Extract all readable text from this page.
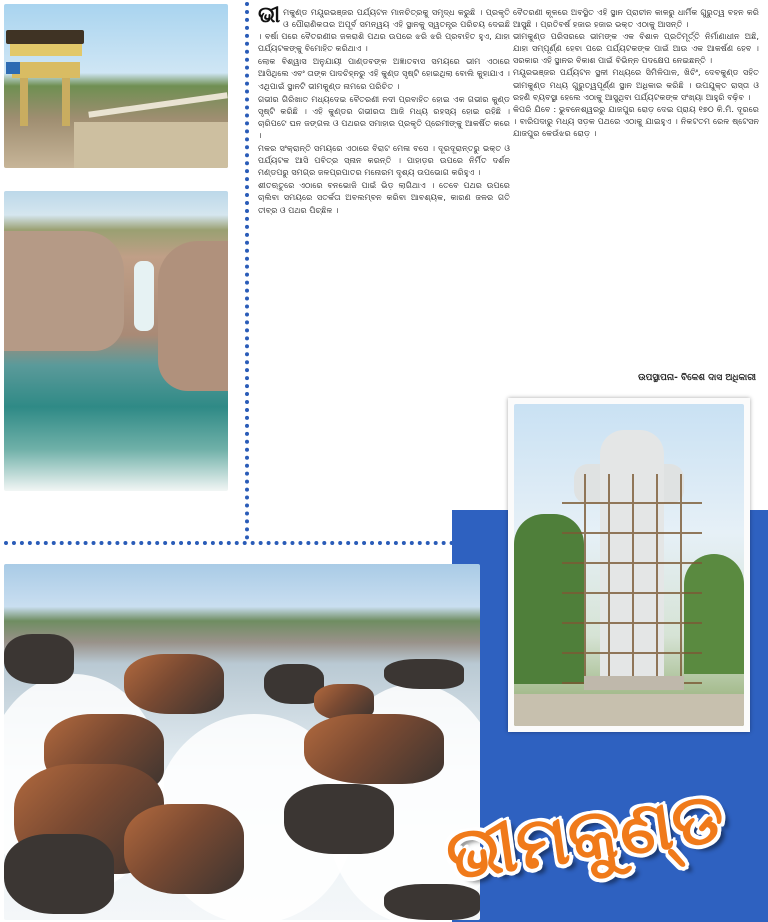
ଭୀ ମକୁଣ୍ଡ ମୟୂରଭଞ୍ଜର ପର୍ଯ୍ୟଟନ ମାନଚିତ୍ରକୁ ସମୃଦ୍ଧ କରୁଛି । ପ୍ରକୃତି ଓ ପୌରାଣିକତାର ଅପୂର୍ବ ସମନ୍ୱୟ ଏହି ସ୍ଥାନକୁ ସ୍ୱତନ୍ତ୍ର ପରିଚୟ ଦେଇଛି । ବର୍ଷା ପରେ ବୈତରଣୀର ଜଳରାଶି ପଥର ଉପରେ ଝରି ଝରି ପ୍ରବାହିତ ହୁଏ, ଯାହା ପର୍ଯ୍ୟଟକଙ୍କୁ ବିମୋହିତ କରିଥାଏ ।

ଲୋକ ବିଶ୍ୱାସ ଅନୁଯାୟୀ ପାଣ୍ଡବଙ୍କ ଅଜ୍ଞାତବାସ ସମୟରେ ଭୀମ ଏଠାରେ ଆସିଥିଲେ ଏବଂ ତାଙ୍କ ପାଦଚିହ୍ନରୁ ଏହି କୁଣ୍ଡ ସୃଷ୍ଟି ହୋଇଥିଲା ବୋଲି କୁହାଯାଏ । ଏଥିପାଇଁ ସ୍ଥାନଟି ଭୀମକୁଣ୍ଡ ନାମରେ ପରିଚିତ ।

ଗଭୀର ଗିରିଖାତ ମଧ୍ୟଦେଇ ବୈତରଣୀ ନଦୀ ପ୍ରବାହିତ ହୋଇ ଏକ ଗଭୀର କୁଣ୍ଡ ସୃଷ୍ଟି କରିଛି । ଏହି କୁଣ୍ଡର ଗଭୀରତା ଆଜି ମଧ୍ୟ ରହସ୍ୟ ହୋଇ ରହିଛି । ଚାରିପଟେ ଘନ ଜଙ୍ଗଲ ଓ ପଥରର ସମାହାର ପ୍ରକୃତି ପ୍ରେମୀଙ୍କୁ ଆକର୍ଷିତ କରେ ।

ମକର ସଂକ୍ରାନ୍ତି ସମୟରେ ଏଠାରେ ବିରାଟ ମେଳା ବସେ । ଦୂରଦୂରାନ୍ତରୁ ଭକ୍ତ ଓ ପର୍ଯ୍ୟଟକ ଆସି ପବିତ୍ର ସ୍ନାନ କରନ୍ତି । ପାହାଡ଼ର ଉପରେ ନିର୍ମିତ ଦର୍ଶନ ମଣ୍ଡପରୁ ସମଗ୍ର ଜଳପ୍ରପାତର ମନୋରମ ଦୃଶ୍ୟ ଉପଭୋଗ କରିହୁଏ ।

ଶୀତଋତୁରେ ଏଠାରେ ବନଭୋଜି ପାଇଁ ଭିଡ଼ ଲାଗିଥାଏ । ତେବେ ପଥର ଉପରେ ଚାଲିବା ସମୟରେ ସତର୍କତା ଅବଲମ୍ବନ କରିବା ଆବଶ୍ୟକ, କାରଣ ଜଳର ଗତି ତୀବ୍ର ଓ ପଥର ପିଚ୍ଛିଳ ।

ବୈତରଣୀ କୂଳରେ ଅବସ୍ଥିତ ଏହି ସ୍ଥାନ ପ୍ରାଚୀନ କାଳରୁ ଧାର୍ମିକ ଗୁରୁତ୍ୱ ବହନ କରି ଆସୁଛି । ପ୍ରତିବର୍ଷ ହଜାର ହଜାର ଭକ୍ତ ଏଠାକୁ ଆସନ୍ତି ।

ଭୀମକୁଣ୍ଡ ପରିସରରେ ଭୀମଙ୍କ ଏକ ବିଶାଳ ପ୍ରତିମୂର୍ତ୍ତି ନିର୍ମାଣାଧୀନ ଅଛି, ଯାହା ସମ୍ପୂର୍ଣ୍ଣ ହେବା ପରେ ପର୍ଯ୍ୟଟକଙ୍କ ପାଇଁ ଆଉ ଏକ ଆକର୍ଷଣ ହେବ । ସରକାର ଏହି ସ୍ଥାନର ବିକାଶ ପାଇଁ ବିଭିନ୍ନ ପଦକ୍ଷେପ ନେଇଛନ୍ତି ।

ମୟୂରଭଞ୍ଜର ପର୍ଯ୍ୟଟନ ସ୍ଥଳୀ ମଧ୍ୟରେ ସିମିଳିପାଳ, ଖିଚିଂ, ଦେବକୁଣ୍ଡ ସହିତ ଭୀମକୁଣ୍ଡ ମଧ୍ୟ ଗୁରୁତ୍ୱପୂର୍ଣ୍ଣ ସ୍ଥାନ ଅଧିକାର କରିଛି । ଉପଯୁକ୍ତ ରାସ୍ତା ଓ ରହଣି ବ୍ୟବସ୍ଥା ହେଲେ ଏଠାକୁ ଆସୁଥିବା ପର୍ଯ୍ୟଟକଙ୍କ ସଂଖ୍ୟା ଆହୁରି ବଢ଼ିବ ।

କିପରି ଯିବେ : ଭୁବନେଶ୍ୱରରୁ ଯାଜପୁର ରୋଡ଼ ଦେଇ ପ୍ରାୟ ୧୭୦ କି.ମି. ଦୂରରେ । ବାରିପଦାରୁ ମଧ୍ୟ ସଡ଼କ ପଥରେ ଏଠାକୁ ଯାଇହୁଏ । ନିକଟତମ ରେଳ ଷ୍ଟେସନ ଯାଜପୁର କେଉଁଝର ରୋଡ଼ ।

ଉପସ୍ଥାପନା- ବିକେଶ ଦାସ ଅଧିକାରୀ
ଭୀମକୁଣ୍ଡ
